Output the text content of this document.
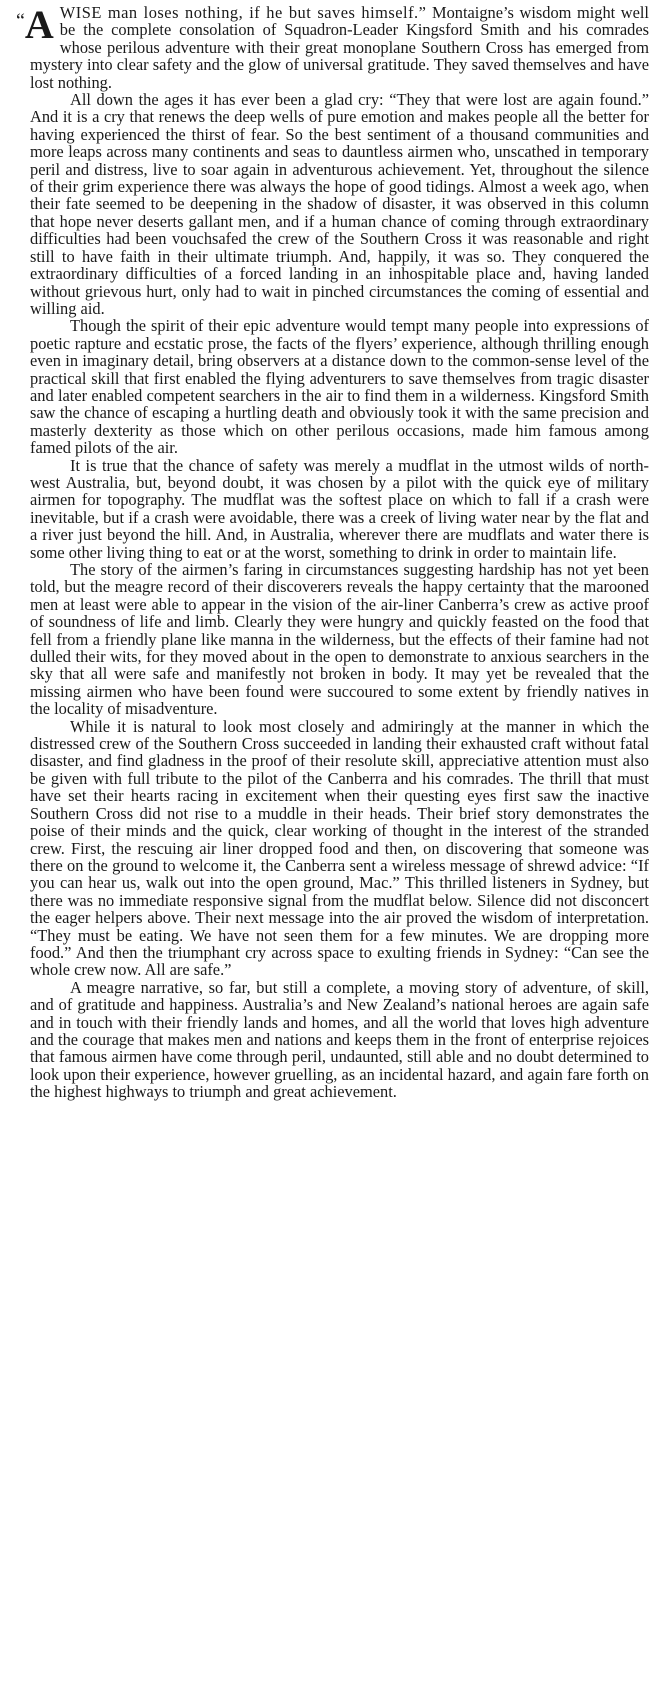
“A WISE man loses nothing, if he but saves himself.” Montaigne’s wisdom might well be the complete consolation of Squadron-Leader Kingsford Smith and his comrades whose perilous adventure with their great monoplane Southern Cross has emerged from mystery into clear safety and the glow of universal gratitude. They saved themselves and have lost nothing.

All down the ages it has ever been a glad cry: “They that were lost are again found.” And it is a cry that renews the deep wells of pure emotion and makes people all the better for having experienced the thirst of fear. So the best sentiment of a thousand communities and more leaps across many continents and seas to dauntless airmen who, unscathed in temporary peril and distress, live to soar again in adventurous achievement. Yet, throughout the silence of their grim experience there was always the hope of good tidings. Almost a week ago, when their fate seemed to be deepening in the shadow of disaster, it was observed in this column that hope never deserts gallant men, and if a human chance of coming through extraordinary difficulties had been vouchsafed the crew of the Southern Cross it was reasonable and right still to have faith in their ultimate triumph. And, happily, it was so. They conquered the extraordinary difficulties of a forced landing in an inhospitable place and, having landed without grievous hurt, only had to wait in pinched circumstances the coming of essential and willing aid.

Though the spirit of their epic adventure would tempt many people into expressions of poetic rapture and ecstatic prose, the facts of the flyers’ experience, although thrilling enough even in imaginary detail, bring observers at a distance down to the common-sense level of the practical skill that first enabled the flying adventurers to save themselves from tragic disaster and later enabled competent searchers in the air to find them in a wilderness. Kingsford Smith saw the chance of escaping a hurtling death and obviously took it with the same precision and masterly dexterity as those which on other perilous occasions, made him famous among famed pilots of the air.

It is true that the chance of safety was merely a mudflat in the utmost wilds of north-west Australia, but, beyond doubt, it was chosen by a pilot with the quick eye of military airmen for topography. The mudflat was the softest place on which to fall if a crash were inevitable, but if a crash were avoidable, there was a creek of living water near by the flat and a river just beyond the hill. And, in Australia, wherever there are mudflats and water there is some other living thing to eat or at the worst, something to drink in order to maintain life.

The story of the airmen’s faring in circumstances suggesting hardship has not yet been told, but the meagre record of their discoverers reveals the happy certainty that the marooned men at least were able to appear in the vision of the air-liner Canberra’s crew as active proof of soundness of life and limb. Clearly they were hungry and quickly feasted on the food that fell from a friendly plane like manna in the wilderness, but the effects of their famine had not dulled their wits, for they moved about in the open to demonstrate to anxious searchers in the sky that all were safe and manifestly not broken in body. It may yet be revealed that the missing airmen who have been found were succoured to some extent by friendly natives in the locality of misadventure.

While it is natural to look most closely and admiringly at the manner in which the distressed crew of the Southern Cross succeeded in landing their exhausted craft without fatal disaster, and find gladness in the proof of their resolute skill, appreciative attention must also be given with full tribute to the pilot of the Canberra and his comrades. The thrill that must have set their hearts racing in excitement when their questing eyes first saw the inactive Southern Cross did not rise to a muddle in their heads. Their brief story demonstrates the poise of their minds and the quick, clear working of thought in the interest of the stranded crew. First, the rescuing air liner dropped food and then, on discovering that someone was there on the ground to welcome it, the Canberra sent a wireless message of shrewd advice: “If you can hear us, walk out into the open ground, Mac.” This thrilled listeners in Sydney, but there was no immediate responsive signal from the mudflat below. Silence did not disconcert the eager helpers above. Their next message into the air proved the wisdom of interpretation. “They must be eating. We have not seen them for a few minutes. We are dropping more food.” And then the triumphant cry across space to exulting friends in Sydney: “Can see the whole crew now. All are safe.”

A meagre narrative, so far, but still a complete, a moving story of adventure, of skill, and of gratitude and happiness. Australia’s and New Zealand’s national heroes are again safe and in touch with their friendly lands and homes, and all the world that loves high adventure and the courage that makes men and nations and keeps them in the front of enterprise rejoices that famous airmen have come through peril, undaunted, still able and no doubt determined to look upon their experience, however gruelling, as an incidental hazard, and again fare forth on the highest highways to triumph and great achievement.
